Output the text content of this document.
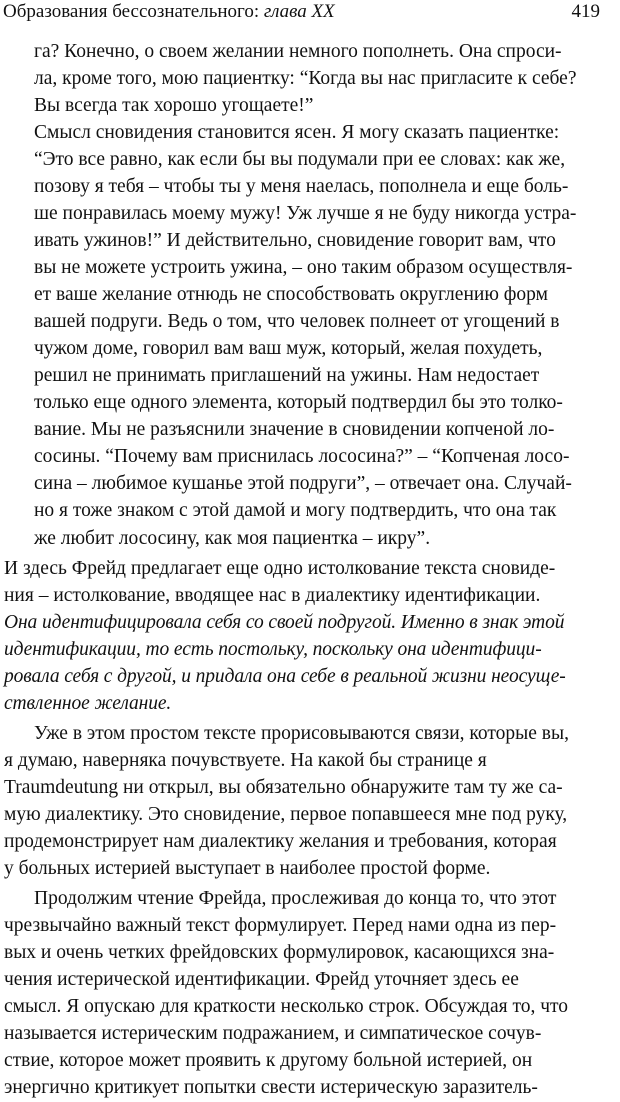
Образования бессознательного: глава XX	419
га? Конечно, о своем желании немного пополнеть. Она спроси-
ла, кроме того, мою пациентку: “Когда вы нас пригласите к себе?
Вы всегда так хорошо угощаете!”
Смысл сновидения становится ясен. Я могу сказать пациентке:
“Это все равно, как если бы вы подумали при ее словах: как же,
позову я тебя – чтобы ты у меня наелась, пополнела и еще боль-
ше понравилась моему мужу! Уж лучше я не буду никогда устра-
ивать ужинов!” И действительно, сновидение говорит вам, что
вы не можете устроить ужина, – оно таким образом осуществля-
ет ваше желание отнюдь не способствовать округлению форм
вашей подруги. Ведь о том, что человек полнеет от угощений в
чужом доме, говорил вам ваш муж, который, желая похудеть,
решил не принимать приглашений на ужины. Нам недостает
только еще одного элемента, который подтвердил бы это толко-
вание. Мы не разъяснили значение в сновидении копченой ло-
сосины. “Почему вам приснилась лососина?” – “Копченая лосо-
сина – любимое кушанье этой подруги”, – отвечает она. Случай-
но я тоже знаком с этой дамой и могу подтвердить, что она так
же любит лососину, как моя пациентка – икру”.
И здесь Фрейд предлагает еще одно истолкование текста сновиде-
ния – истолкование, вводящее нас в диалектику идентификации.
Она идентифицировала себя со своей подругой. Именно в знак этой
идентификации, то есть постольку, поскольку она идентифици-
ровала себя с другой, и придала она себе в реальной жизни неосуще-
ствленное желание.
Уже в этом простом тексте прорисовываются связи, которые вы,
я думаю, наверняка почувствуете. На какой бы странице я
Traumdeutung ни открыл, вы обязательно обнаружите там ту же са-
мую диалектику. Это сновидение, первое попавшееся мне под руку,
продемонстрирует нам диалектику желания и требования, которая
у больных истерией выступает в наиболее простой форме.
Продолжим чтение Фрейда, прослеживая до конца то, что этот
чрезвычайно важный текст формулирует. Перед нами одна из пер-
вых и очень четких фрейдовских формулировок, касающихся зна-
чения истерической идентификации. Фрейд уточняет здесь ее
смысл. Я опускаю для краткости несколько строк. Обсуждая то, что
называется истерическим подражанием, и симпатическое сочув-
ствие, которое может проявить к другому больной истерией, он
энергично критикует попытки свести истерическую заразитель-
